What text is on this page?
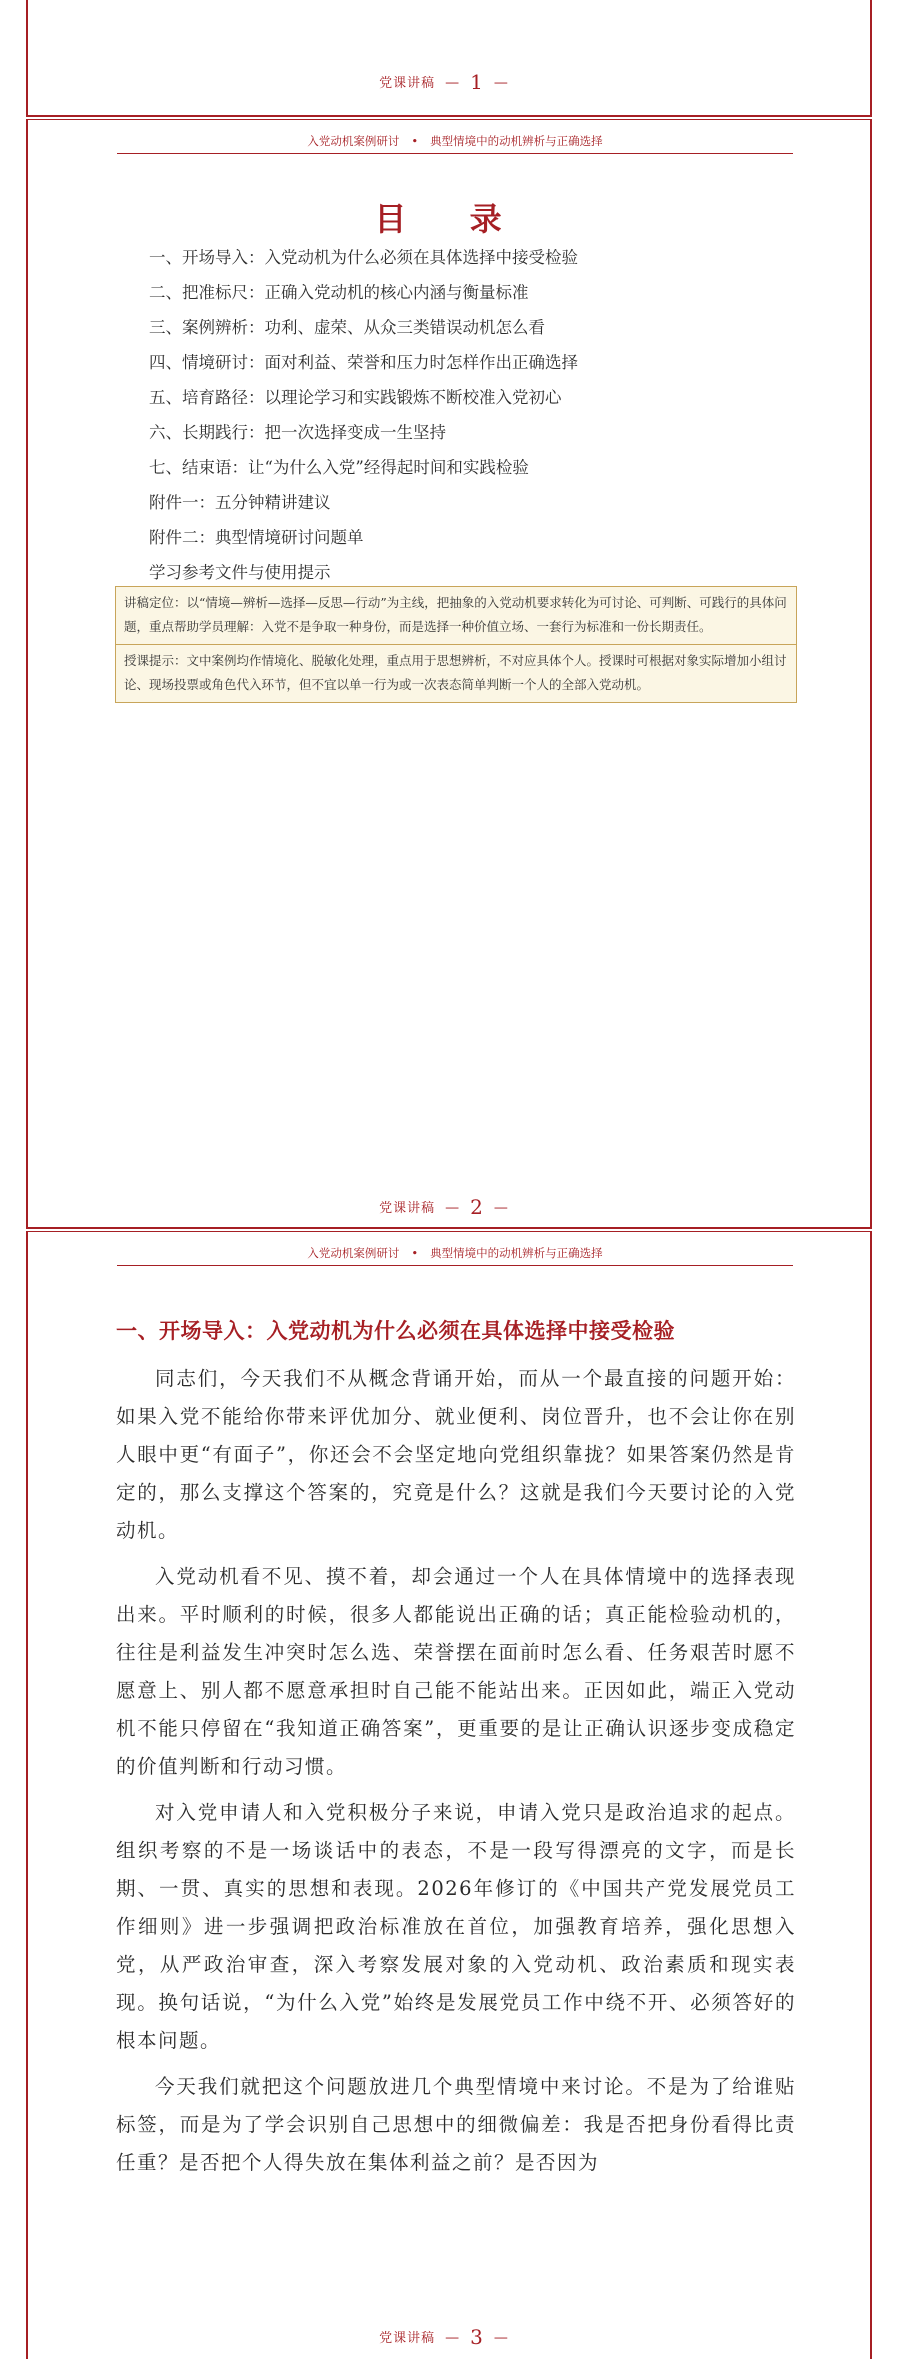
党课讲稿 — 1 —
入党动机案例研讨 • 典型情境中的动机辨析与正确选择
目 录
一、开场导入：入党动机为什么必须在具体选择中接受检验
二、把准标尺：正确入党动机的核心内涵与衡量标准
三、案例辨析：功利、虚荣、从众三类错误动机怎么看
四、情境研讨：面对利益、荣誉和压力时怎样作出正确选择
五、培育路径：以理论学习和实践锻炼不断校准入党初心
六、长期践行：把一次选择变成一生坚持
七、结束语：让“为什么入党”经得起时间和实践检验
附件一：五分钟精讲建议
附件二：典型情境研讨问题单
学习参考文件与使用提示
讲稿定位：以“情境—辨析—选择—反思—行动”为主线，把抽象的入党动机要求转化为可讨论、可判断、可践行的具体问题，重点帮助学员理解：入党不是争取一种身份，而是选择一种价值立场、一套行为标准和一份长期责任。
授课提示：文中案例均作情境化、脱敏化处理，重点用于思想辨析，不对应具体个人。授课时可根据对象实际增加小组讨论、现场投票或角色代入环节，但不宜以单一行为或一次表态简单判断一个人的全部入党动机。
党课讲稿 — 2 —
入党动机案例研讨 • 典型情境中的动机辨析与正确选择
一、开场导入：入党动机为什么必须在具体选择中接受检验

同志们，今天我们不从概念背诵开始，而从一个最直接的问题开始：如果入党不能给你带来评优加分、就业便利、岗位晋升，也不会让你在别人眼中更“有面子”，你还会不会坚定地向党组织靠拢？如果答案仍然是肯定的，那么支撑这个答案的，究竟是什么？这就是我们今天要讨论的入党动机。

入党动机看不见、摸不着，却会通过一个人在具体情境中的选择表现出来。平时顺利的时候，很多人都能说出正确的话；真正能检验动机的，往往是利益发生冲突时怎么选、荣誉摆在面前时怎么看、任务艰苦时愿不愿意上、别人都不愿意承担时自己能不能站出来。正因如此，端正入党动机不能只停留在“我知道正确答案”，更重要的是让正确认识逐步变成稳定的价值判断和行动习惯。

对入党申请人和入党积极分子来说，申请入党只是政治追求的起点。组织考察的不是一场谈话中的表态，不是一段写得漂亮的文字，而是长期、一贯、真实的思想和表现。2026年修订的《中国共产党发展党员工作细则》进一步强调把政治标准放在首位，加强教育培养，强化思想入党，从严政治审查，深入考察发展对象的入党动机、政治素质和现实表现。换句话说，“为什么入党”始终是发展党员工作中绕不开、必须答好的根本问题。

今天我们就把这个问题放进几个典型情境中来讨论。不是为了给谁贴标签，而是为了学会识别自己思想中的细微偏差：我是否把身份看得比责任重？是否把个人得失放在集体利益之前？是否因为

党课讲稿 — 3 —
